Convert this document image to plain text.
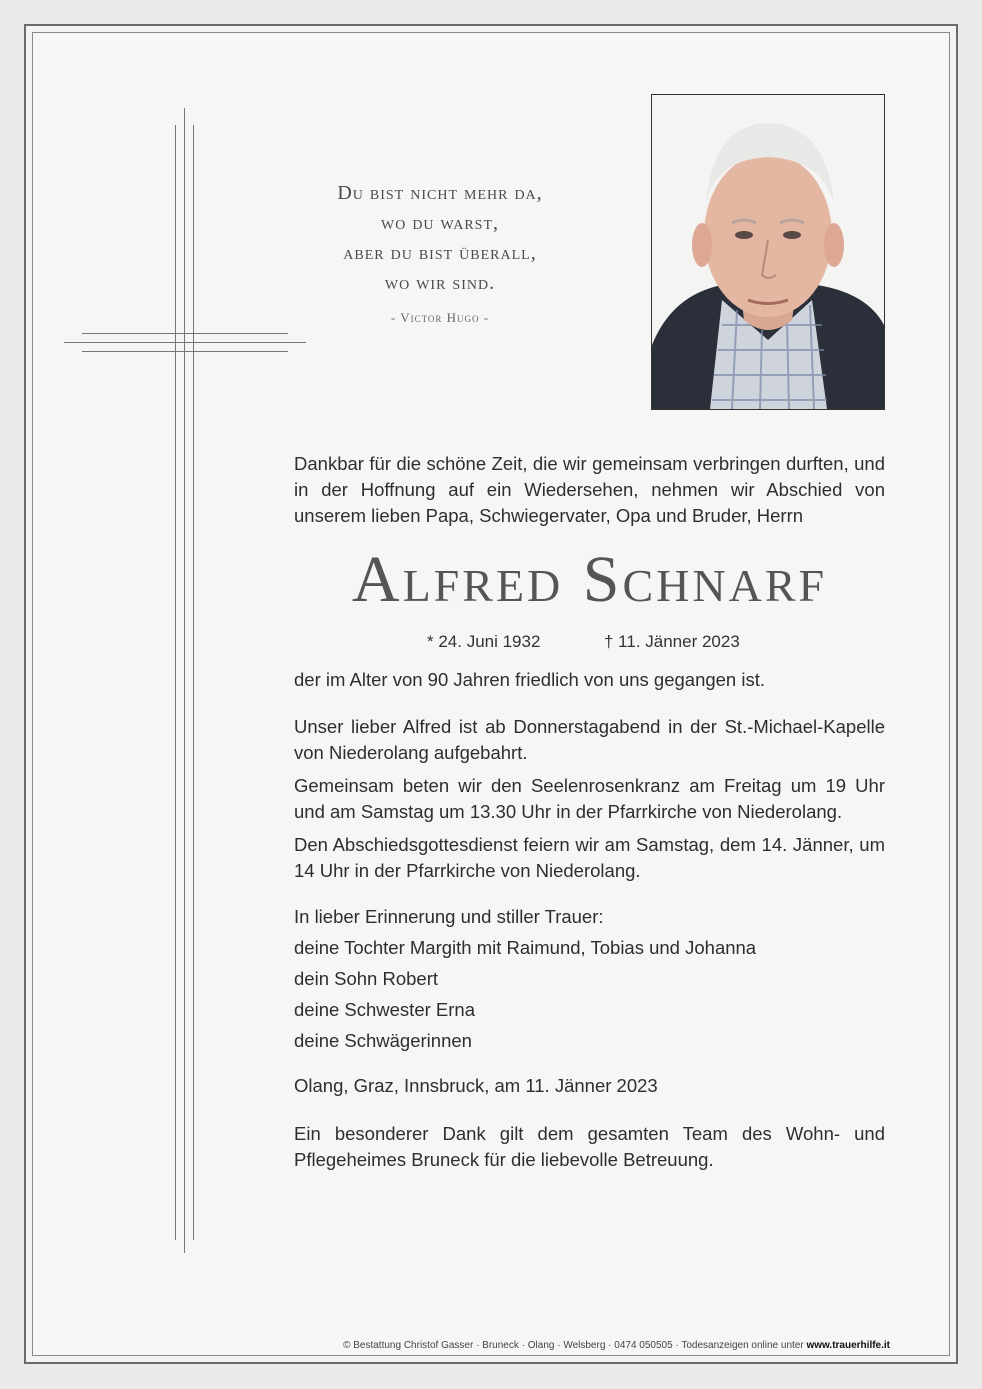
Du bist nicht mehr da,
wo du warst,
aber du bist überall,
wo wir sind.
- Victor Hugo -
Dankbar für die schöne Zeit, die wir gemeinsam verbringen durften, und in der Hoffnung auf ein Wiedersehen, nehmen wir Abschied von unserem lieben Papa, Schwiegervater, Opa und Bruder, Herrn
Alfred Schnarf
* 24. Juni 1932	† 11. Jänner 2023
der im Alter von 90 Jahren friedlich von uns gegangen ist.
Unser lieber Alfred ist ab Donnerstagabend in der St.-Michael-Kapelle von Niederolang aufgebahrt.
Gemeinsam beten wir den Seelenrosenkranz am Freitag um 19 Uhr und am Samstag um 13.30 Uhr in der Pfarrkirche von Niederolang.
Den Abschiedsgottesdienst feiern wir am Samstag, dem 14. Jänner, um 14 Uhr in der Pfarrkirche von Niederolang.
In lieber Erinnerung und stiller Trauer:
deine Tochter Margith mit Raimund, Tobias und Johanna
dein Sohn Robert
deine Schwester Erna
deine Schwägerinnen
Olang, Graz, Innsbruck, am 11. Jänner 2023
Ein besonderer Dank gilt dem gesamten Team des Wohn- und Pflegeheimes Bruneck für die liebevolle Betreuung.
© Bestattung Christof Gasser · Bruneck · Olang · Welsberg · 0474 050505 · Todesanzeigen online unter www.trauerhilfe.it
